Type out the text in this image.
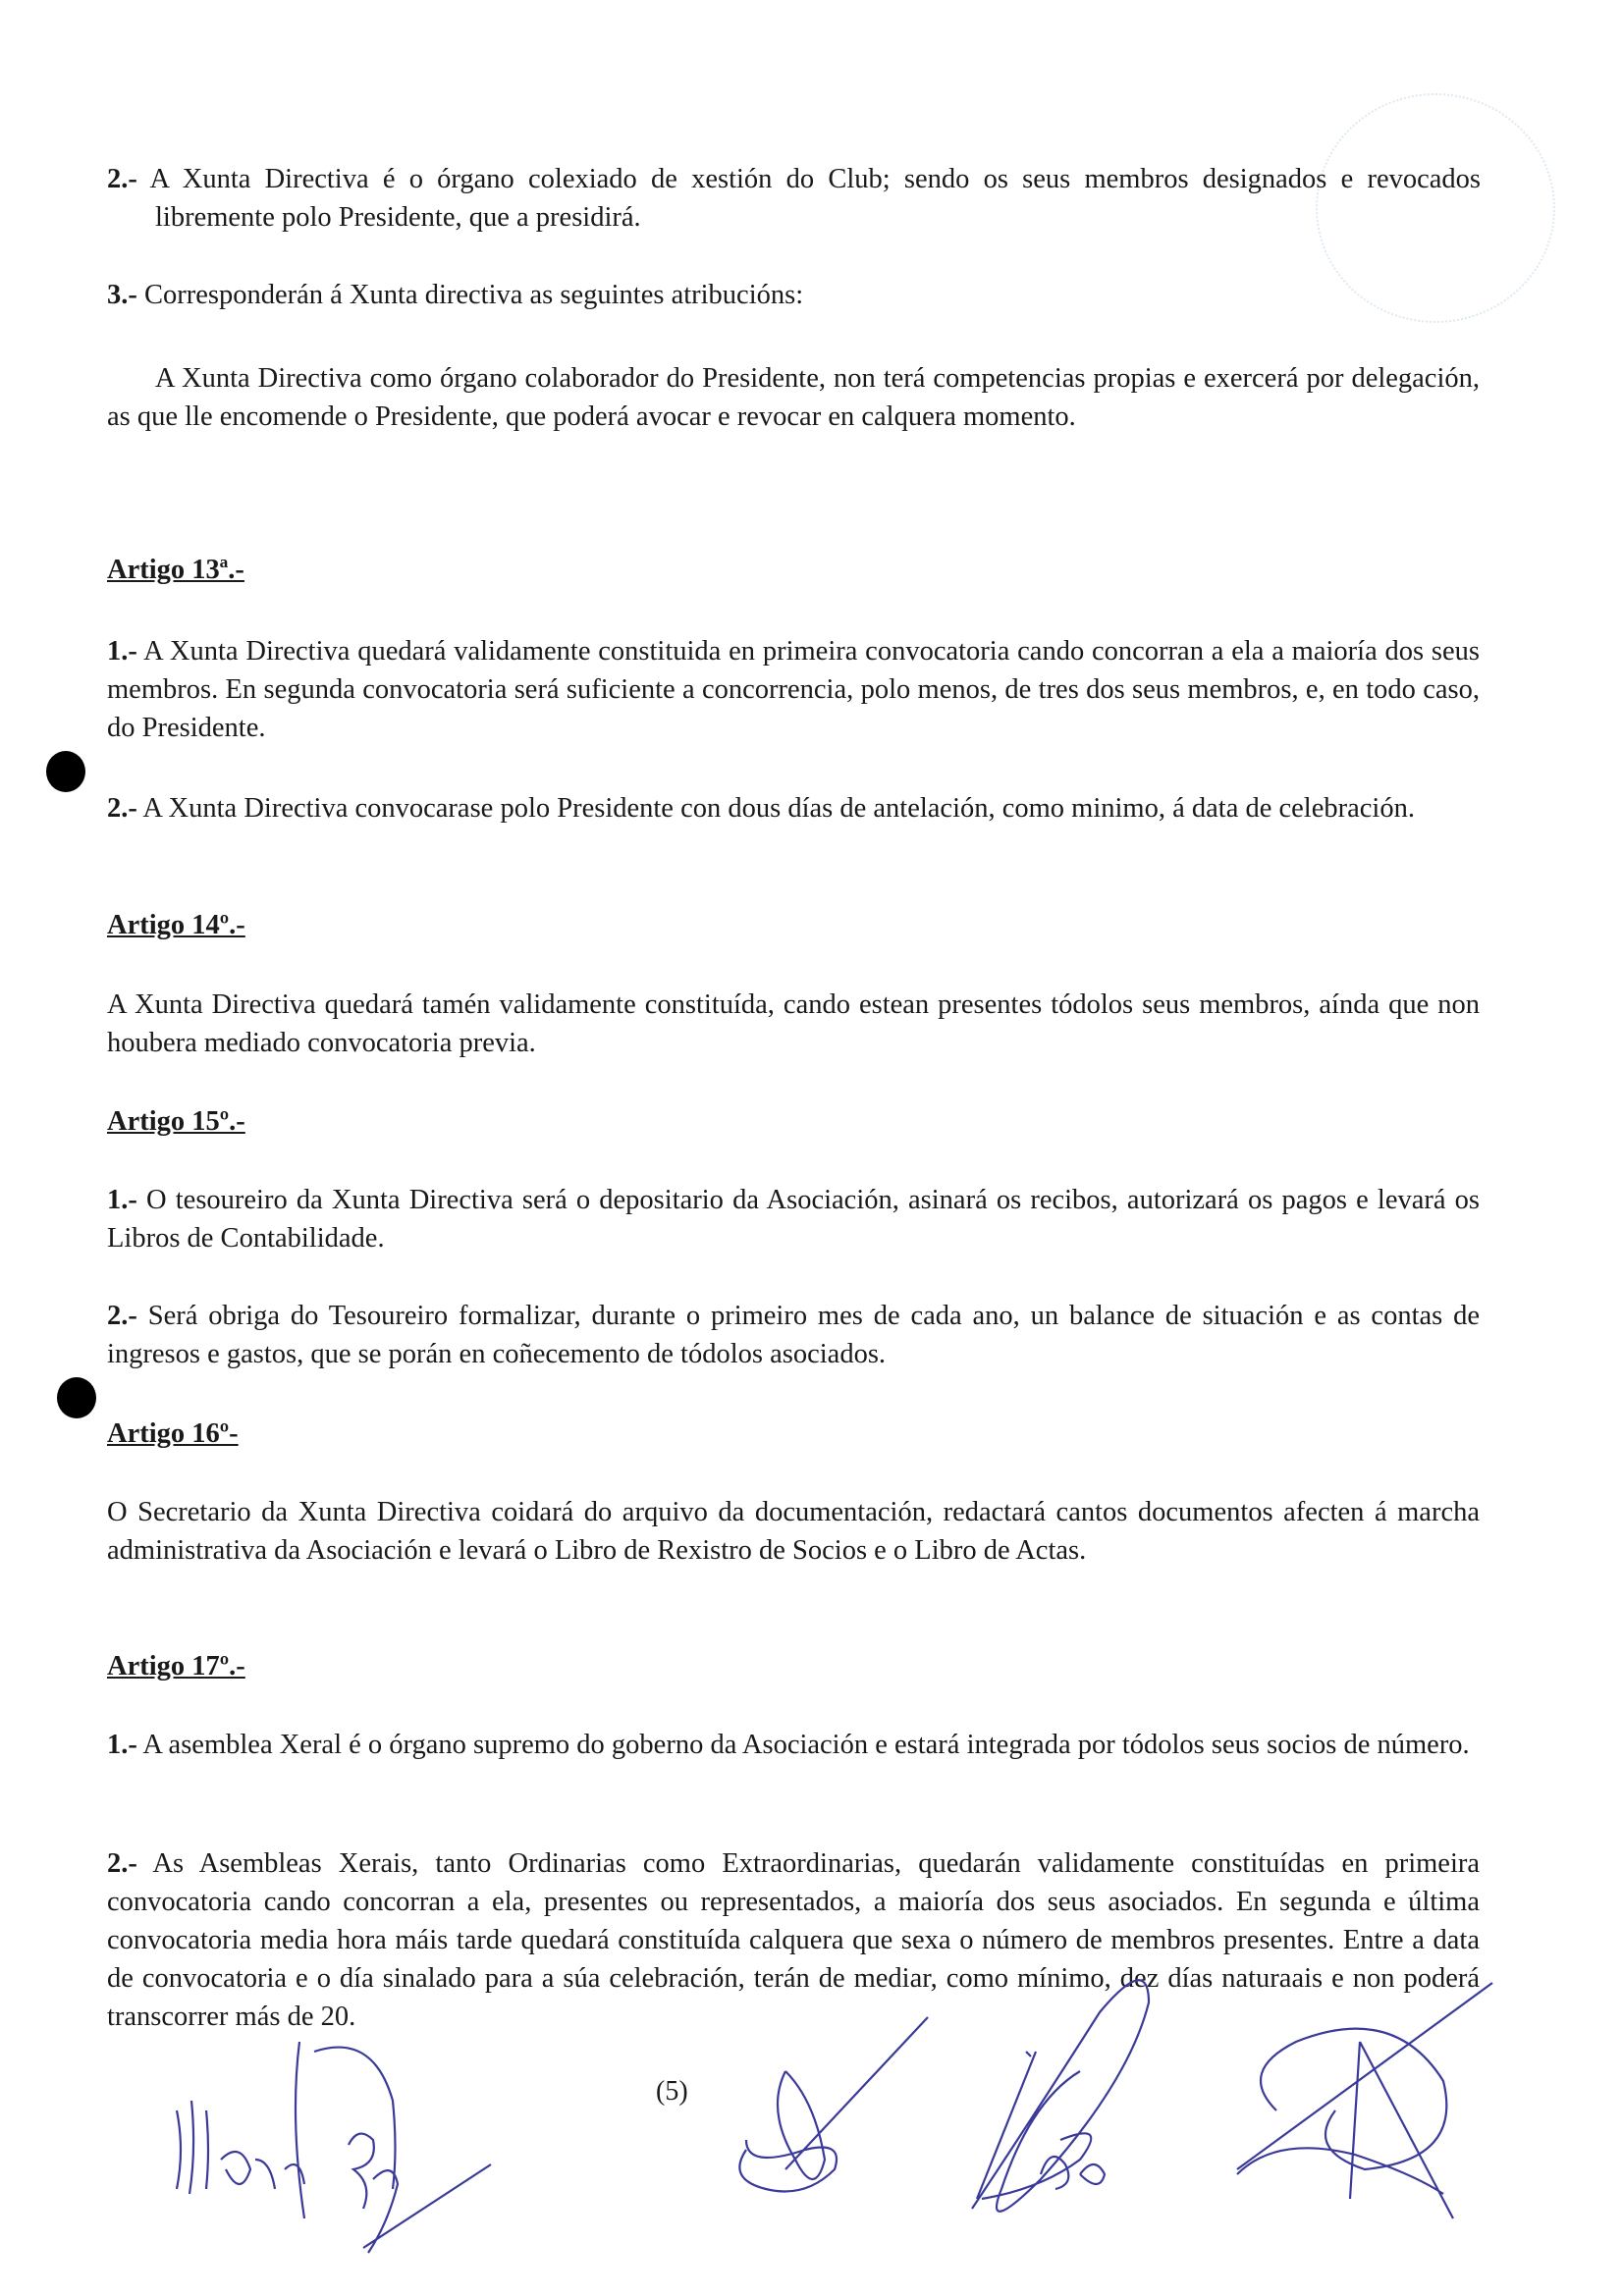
2.- A Xunta Directiva é o órgano colexiado de xestión do Club; sendo os seus membros designados e revocados libremente polo Presidente, que a presidirá.
3.- Corresponderán á Xunta directiva as seguintes atribucións:
A Xunta Directiva como órgano colaborador do Presidente, non terá competencias propias e exercerá por delegación, as que lle encomende o Presidente, que poderá avocar e revocar en calquera momento.
Artigo 13ª.-
1.- A Xunta Directiva quedará validamente constituida en primeira convocatoria cando concorran a ela a maioría dos seus membros. En segunda convocatoria será suficiente a concorrencia, polo menos, de tres dos seus membros, e, en todo caso, do Presidente.
2.- A Xunta Directiva convocarase polo Presidente con dous días de antelación, como minimo, á data de celebración.
Artigo 14º.-
A Xunta Directiva quedará tamén validamente constituída, cando estean presentes tódolos seus membros, aínda que non houbera mediado convocatoria previa.
Artigo 15º.-
1.- O tesoureiro da Xunta Directiva será o depositario da Asociación, asinará os recibos, autorizará os pagos e levará os Libros de Contabilidade.
2.- Será obriga do Tesoureiro formalizar, durante o primeiro mes de cada ano, un balance de situación e as contas de ingresos e gastos, que se porán en coñecemento de tódolos asociados.
Artigo 16º-
O Secretario da Xunta Directiva coidará do arquivo da documentación, redactará cantos documentos afecten á marcha administrativa da Asociación e levará o Libro de Rexistro de Socios e o Libro de Actas.
Artigo 17º.-
1.- A asemblea Xeral é o órgano supremo do goberno da Asociación e estará integrada por tódolos seus socios de número.
2.- As Asembleas Xerais, tanto Ordinarias como Extraordinarias, quedarán validamente constituídas en primeira convocatoria cando concorran a ela, presentes ou representados, a maioría dos seus asociados. En segunda e última convocatoria media hora máis tarde quedará constituída calquera que sexa o número de membros presentes. Entre a data de convocatoria e o día sinalado para a súa celebración, terán de mediar, como mínimo, dez días naturaais e non poderá transcorrer más de 20.
(5)
